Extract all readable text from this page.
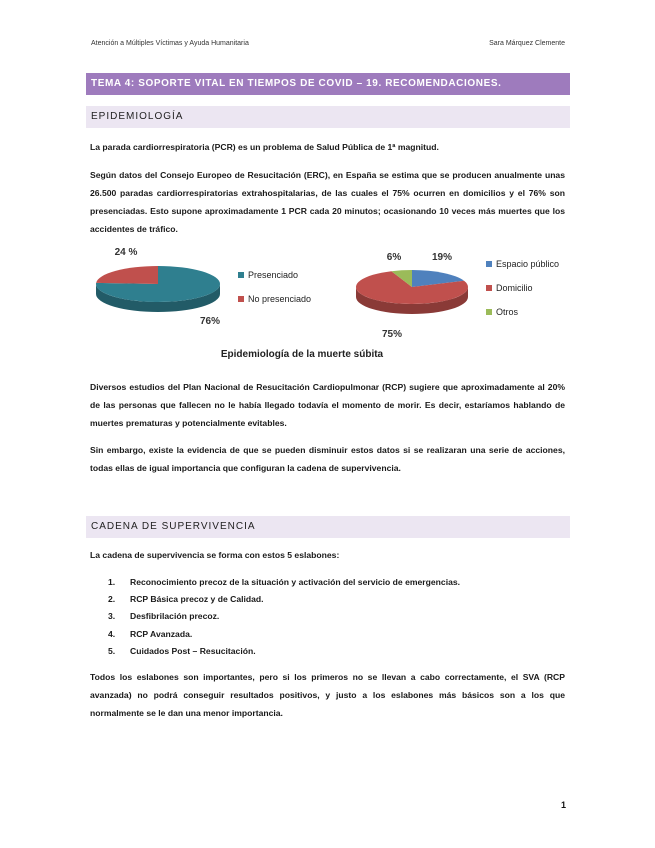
Atención a Múltiples Víctimas y Ayuda Humanitaria	Sara Márquez Clemente
TEMA 4: SOPORTE VITAL EN TIEMPOS DE COVID – 19. RECOMENDACIONES.
EPIDEMIOLOGÍA
La parada cardiorrespiratoria (PCR) es un problema de Salud Pública de 1ª magnitud.
Según datos del Consejo Europeo de Resucitación (ERC), en España se estima que se producen anualmente unas 26.500 paradas cardiorrespiratorias extrahospitalarias, de las cuales el 75% ocurren en domicilios y el 76% son presenciadas. Esto supone aproximadamente 1 PCR cada 20 minutos; ocasionando 10 veces más muertes que los accidentes de tráfico.
76%
24 %
Presenciado
No presenciado
19%
75%
6%
Espacio público
Domicilio
Otros
Epidemiología de la muerte súbita
Diversos estudios del Plan Nacional de Resucitación Cardiopulmonar (RCP) sugiere que aproximadamente al 20% de las personas que fallecen no le había llegado todavía el momento de morir. Es decir, estaríamos hablando de muertes prematuras y potencialmente evitables.
Sin embargo, existe la evidencia de que se pueden disminuir estos datos si se realizaran una serie de acciones, todas ellas de igual importancia que configuran la cadena de supervivencia.
CADENA DE SUPERVIVENCIA
La cadena de supervivencia se forma con estos 5 eslabones:
1. Reconocimiento precoz de la situación y activación del servicio de emergencias.
2. RCP Básica precoz y de Calidad.
3. Desfibrilación precoz.
4. RCP Avanzada.
5. Cuidados Post – Resucitación.
Todos los eslabones son importantes, pero si los primeros no se llevan a cabo correctamente, el SVA (RCP avanzada) no podrá conseguir resultados positivos, y justo a los eslabones más básicos son a los que normalmente se le dan una menor importancia.
1
